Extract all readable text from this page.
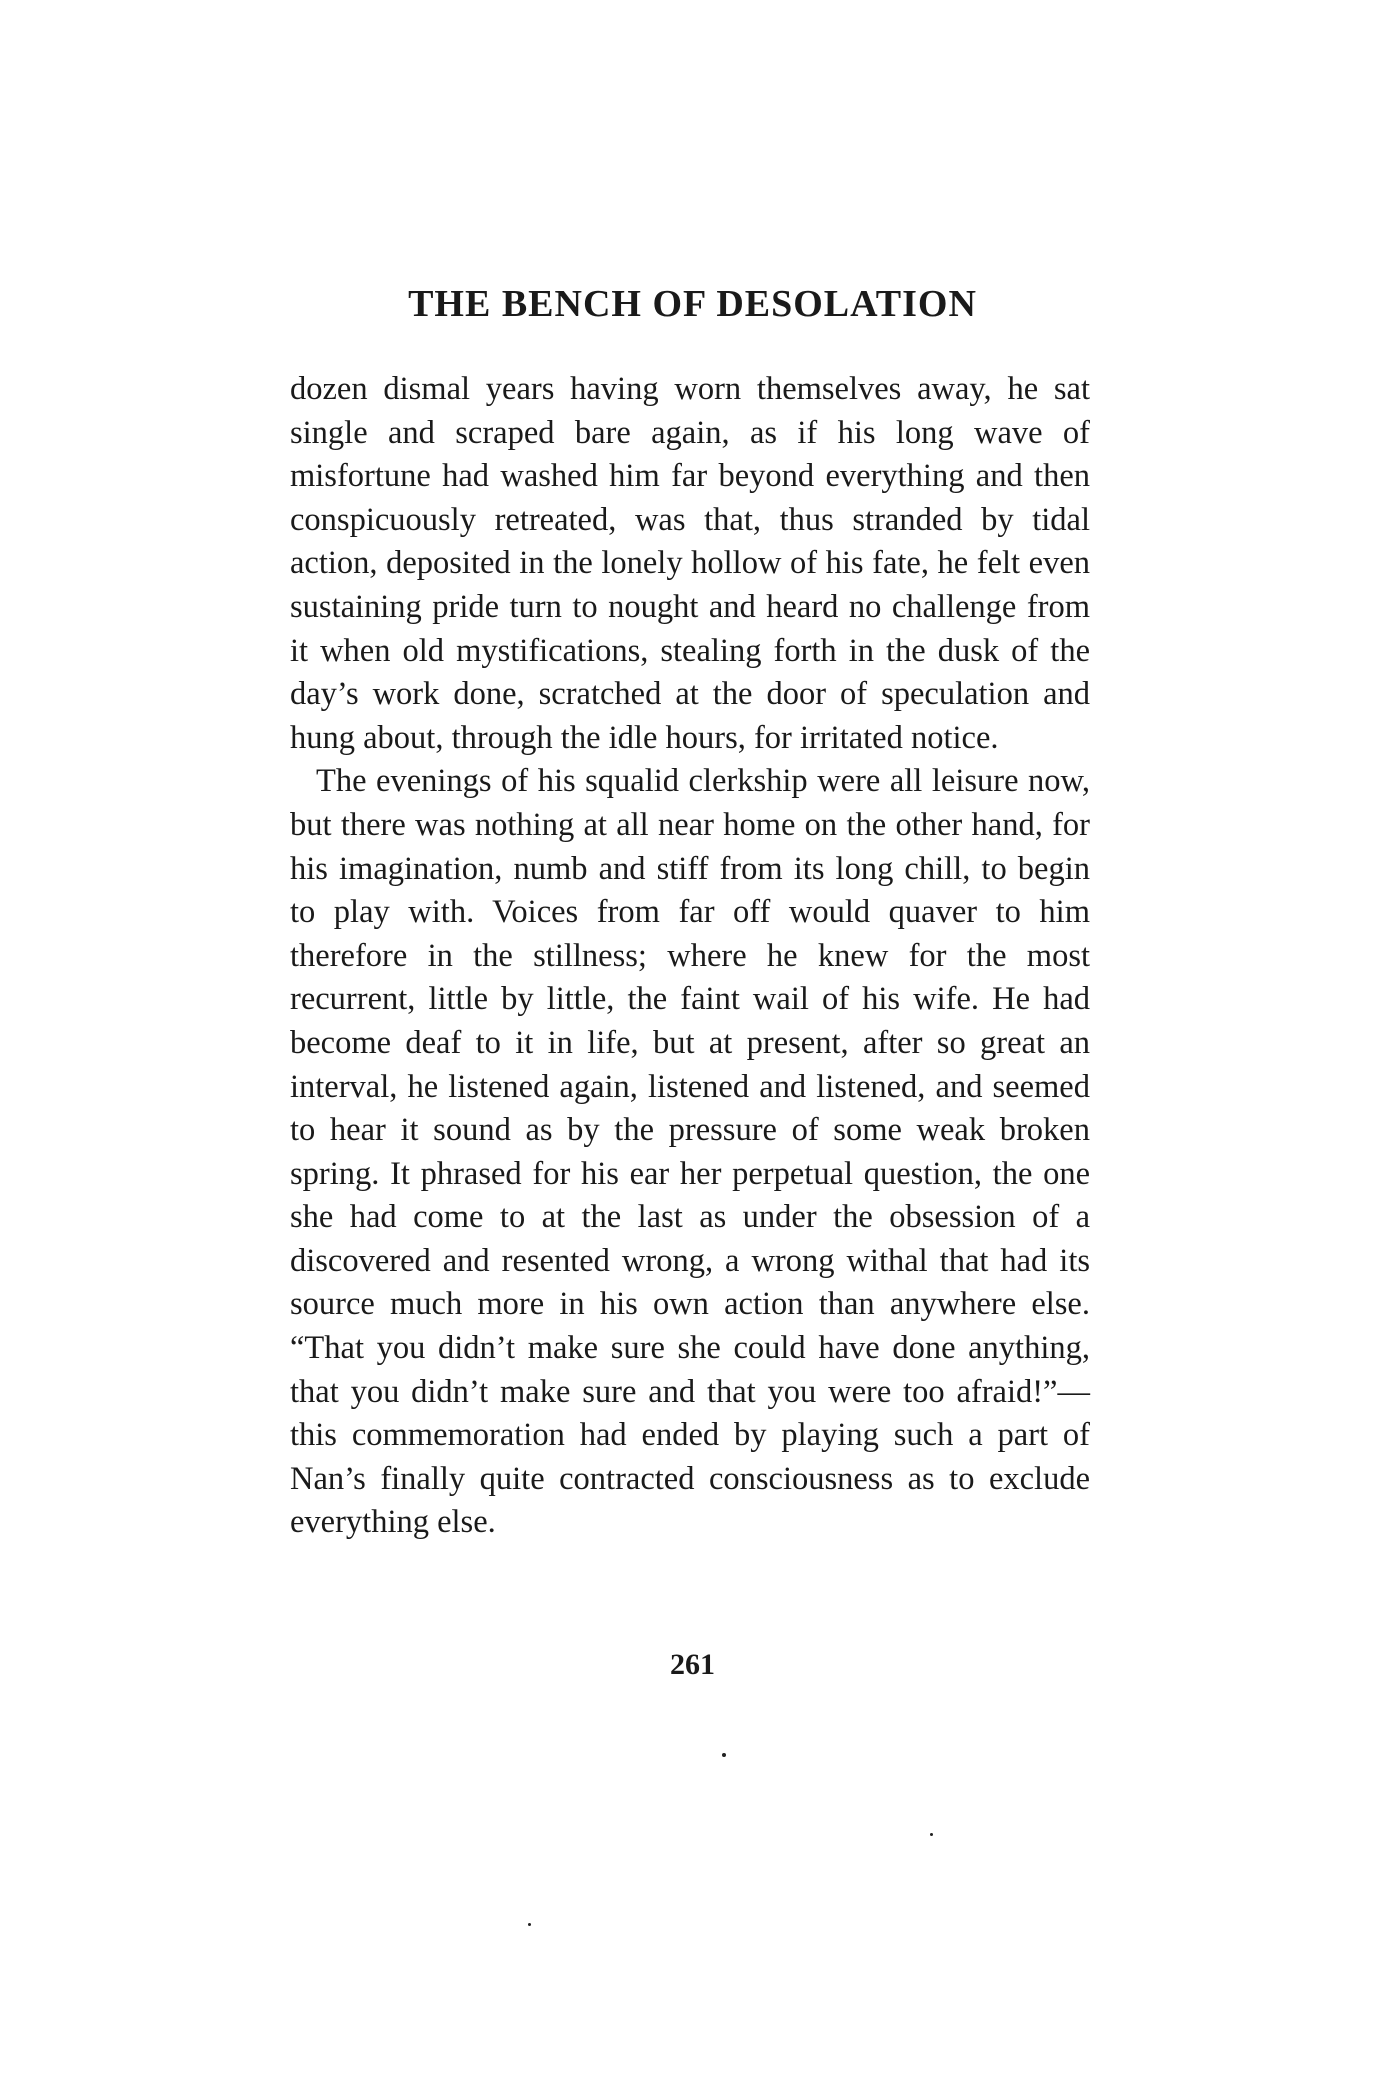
THE BENCH OF DESOLATION

dozen dismal years having worn themselves away, he sat single and scraped bare again, as if his long wave of misfortune had washed him far beyond everything and then conspicuously retreated, was that, thus stranded by tidal action, deposited in the lonely hollow of his fate, he felt even sustaining pride turn to nought and heard no challenge from it when old mystifications, stealing forth in the dusk of the day’s work done, scratched at the door of speculation and hung about, through the idle hours, for irritated notice.

The evenings of his squalid clerkship were all leisure now, but there was nothing at all near home on the other hand, for his imagination, numb and stiff from its long chill, to begin to play with. Voices from far off would quaver to him therefore in the stillness; where he knew for the most recurrent, little by little, the faint wail of his wife. He had become deaf to it in life, but at present, after so great an interval, he listened again, listened and listened, and seemed to hear it sound as by the pressure of some weak broken spring. It phrased for his ear her perpetual question, the one she had come to at the last as under the obsession of a discovered and resented wrong, a wrong withal that had its source much more in his own action than anywhere else. “That you didn’t make sure she could have done anything, that you didn’t make sure and that you were too afraid!”—this commemoration had ended by playing such a part of Nan’s finally quite contracted consciousness as to exclude everything else.

261
